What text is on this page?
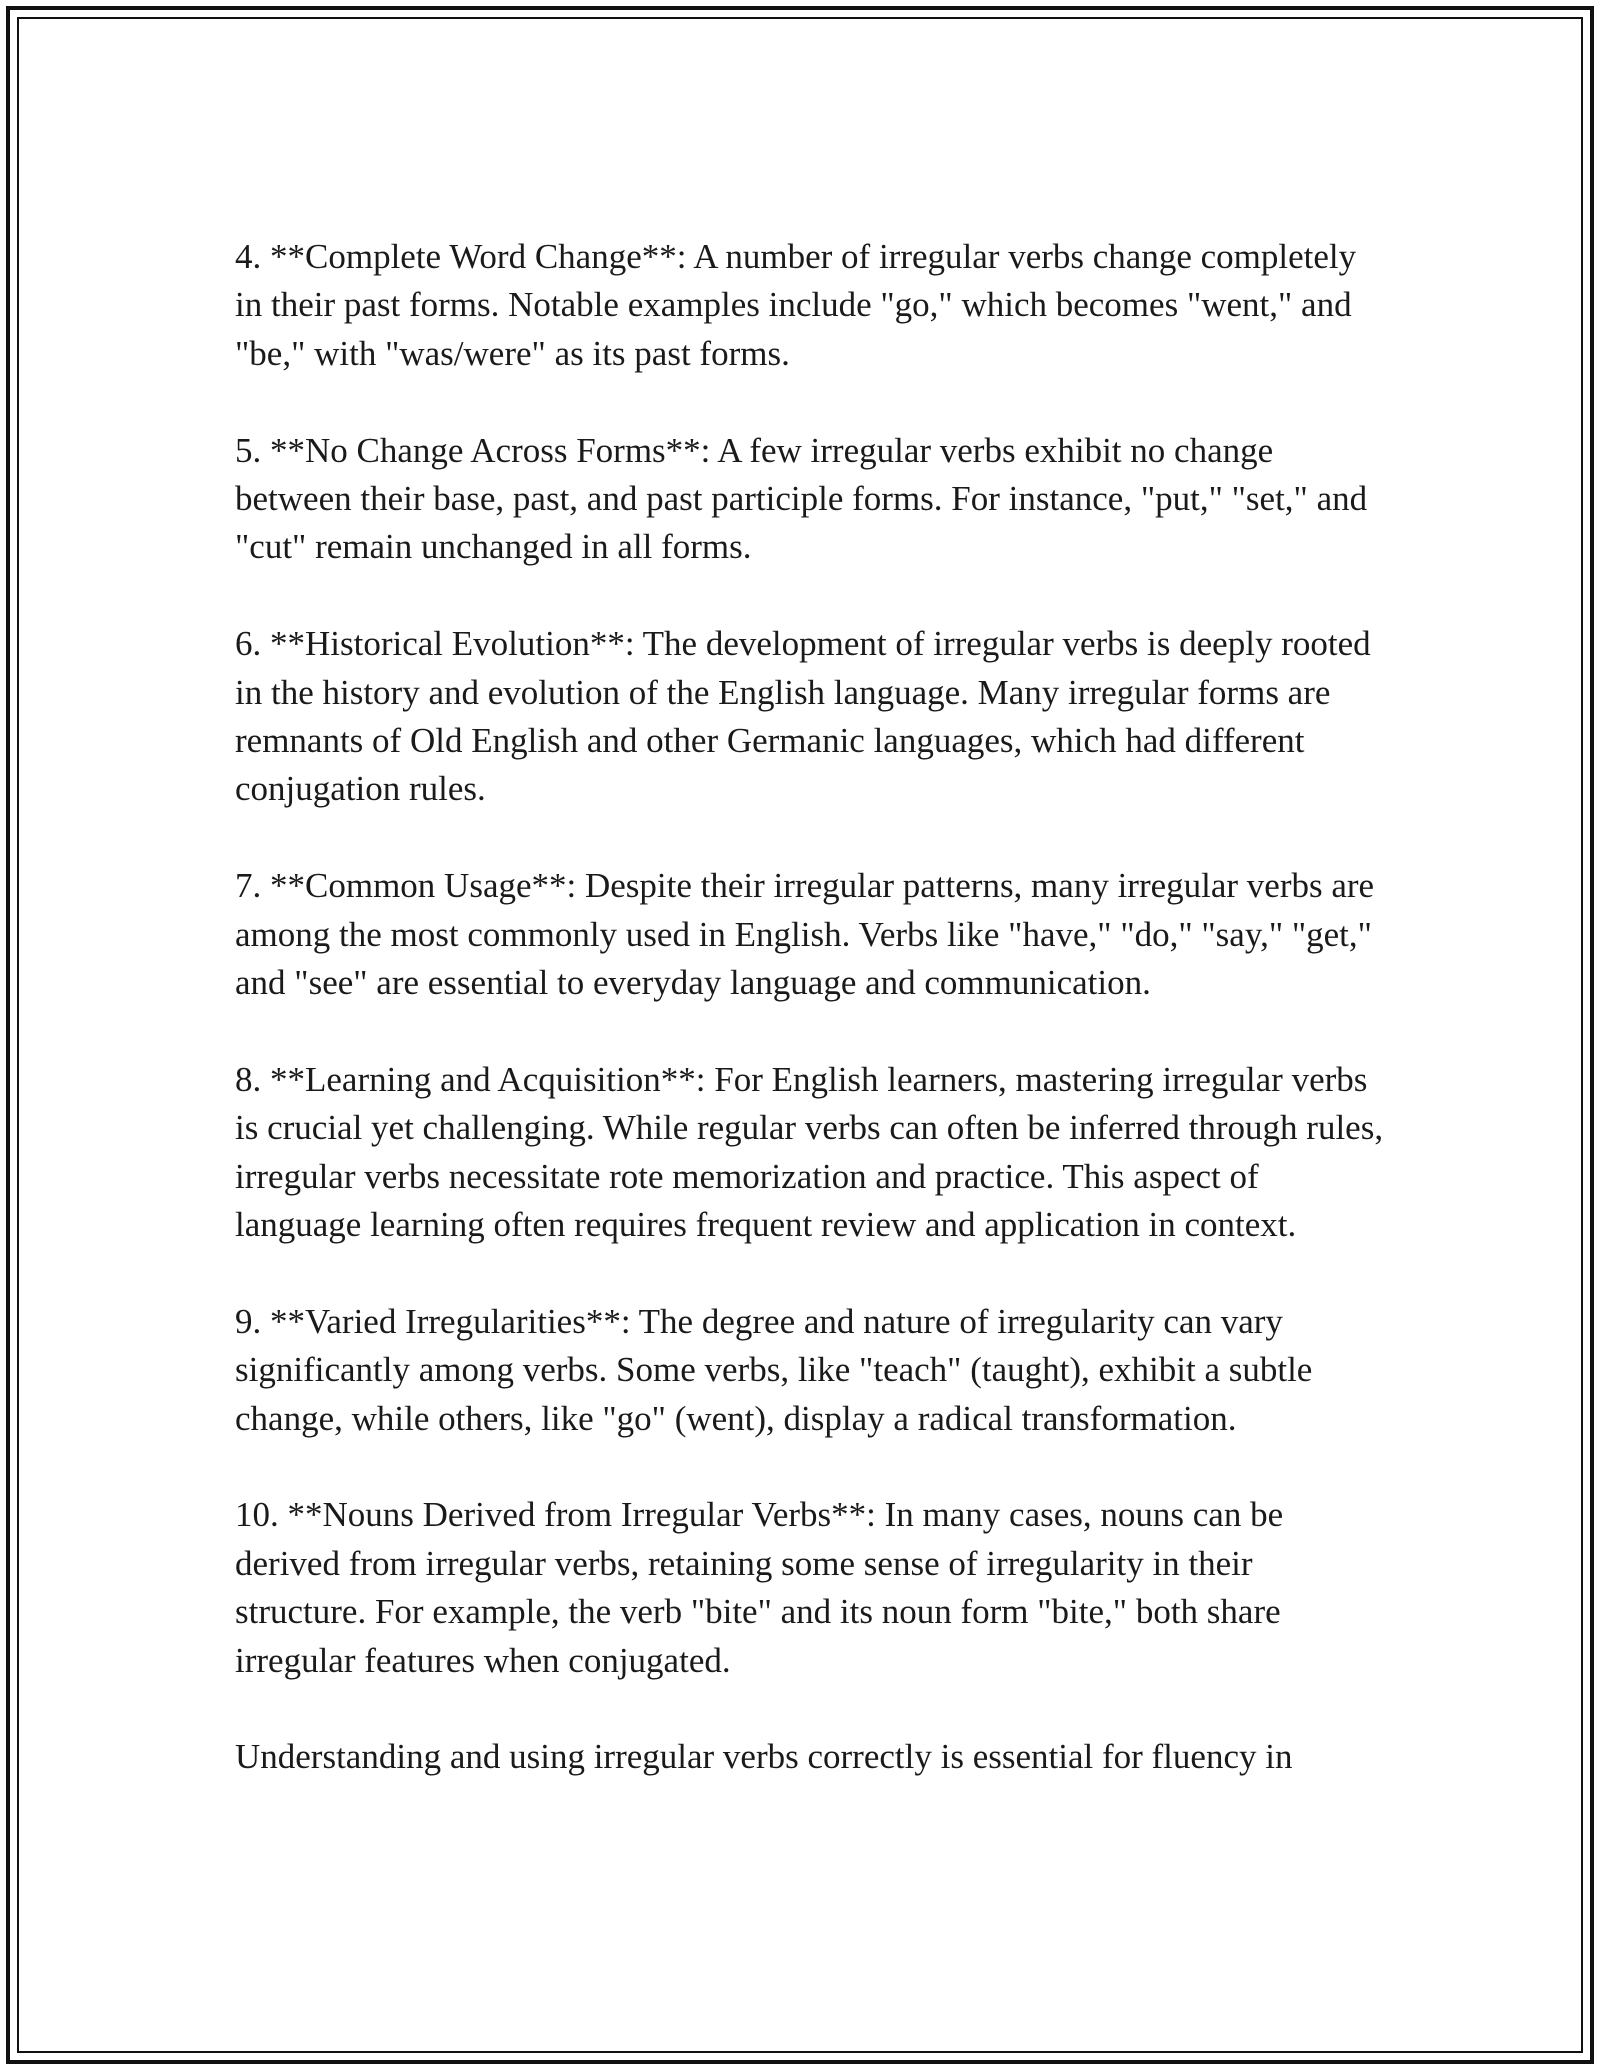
4. **Complete Word Change**: A number of irregular verbs change completely in their past forms. Notable examples include "go," which becomes "went," and "be," with "was/were" as its past forms.

5. **No Change Across Forms**: A few irregular verbs exhibit no change between their base, past, and past participle forms. For instance, "put," "set," and "cut" remain unchanged in all forms.

6. **Historical Evolution**: The development of irregular verbs is deeply rooted in the history and evolution of the English language. Many irregular forms are remnants of Old English and other Germanic languages, which had different conjugation rules.

7. **Common Usage**: Despite their irregular patterns, many irregular verbs are among the most commonly used in English. Verbs like "have," "do," "say," "get," and "see" are essential to everyday language and communication.

8. **Learning and Acquisition**: For English learners, mastering irregular verbs is crucial yet challenging. While regular verbs can often be inferred through rules, irregular verbs necessitate rote memorization and practice. This aspect of language learning often requires frequent review and application in context.

9. **Varied Irregularities**: The degree and nature of irregularity can vary significantly among verbs. Some verbs, like "teach" (taught), exhibit a subtle change, while others, like "go" (went), display a radical transformation.

10. **Nouns Derived from Irregular Verbs**: In many cases, nouns can be derived from irregular verbs, retaining some sense of irregularity in their structure. For example, the verb "bite" and its noun form "bite," both share irregular features when conjugated.

Understanding and using irregular verbs correctly is essential for fluency in
